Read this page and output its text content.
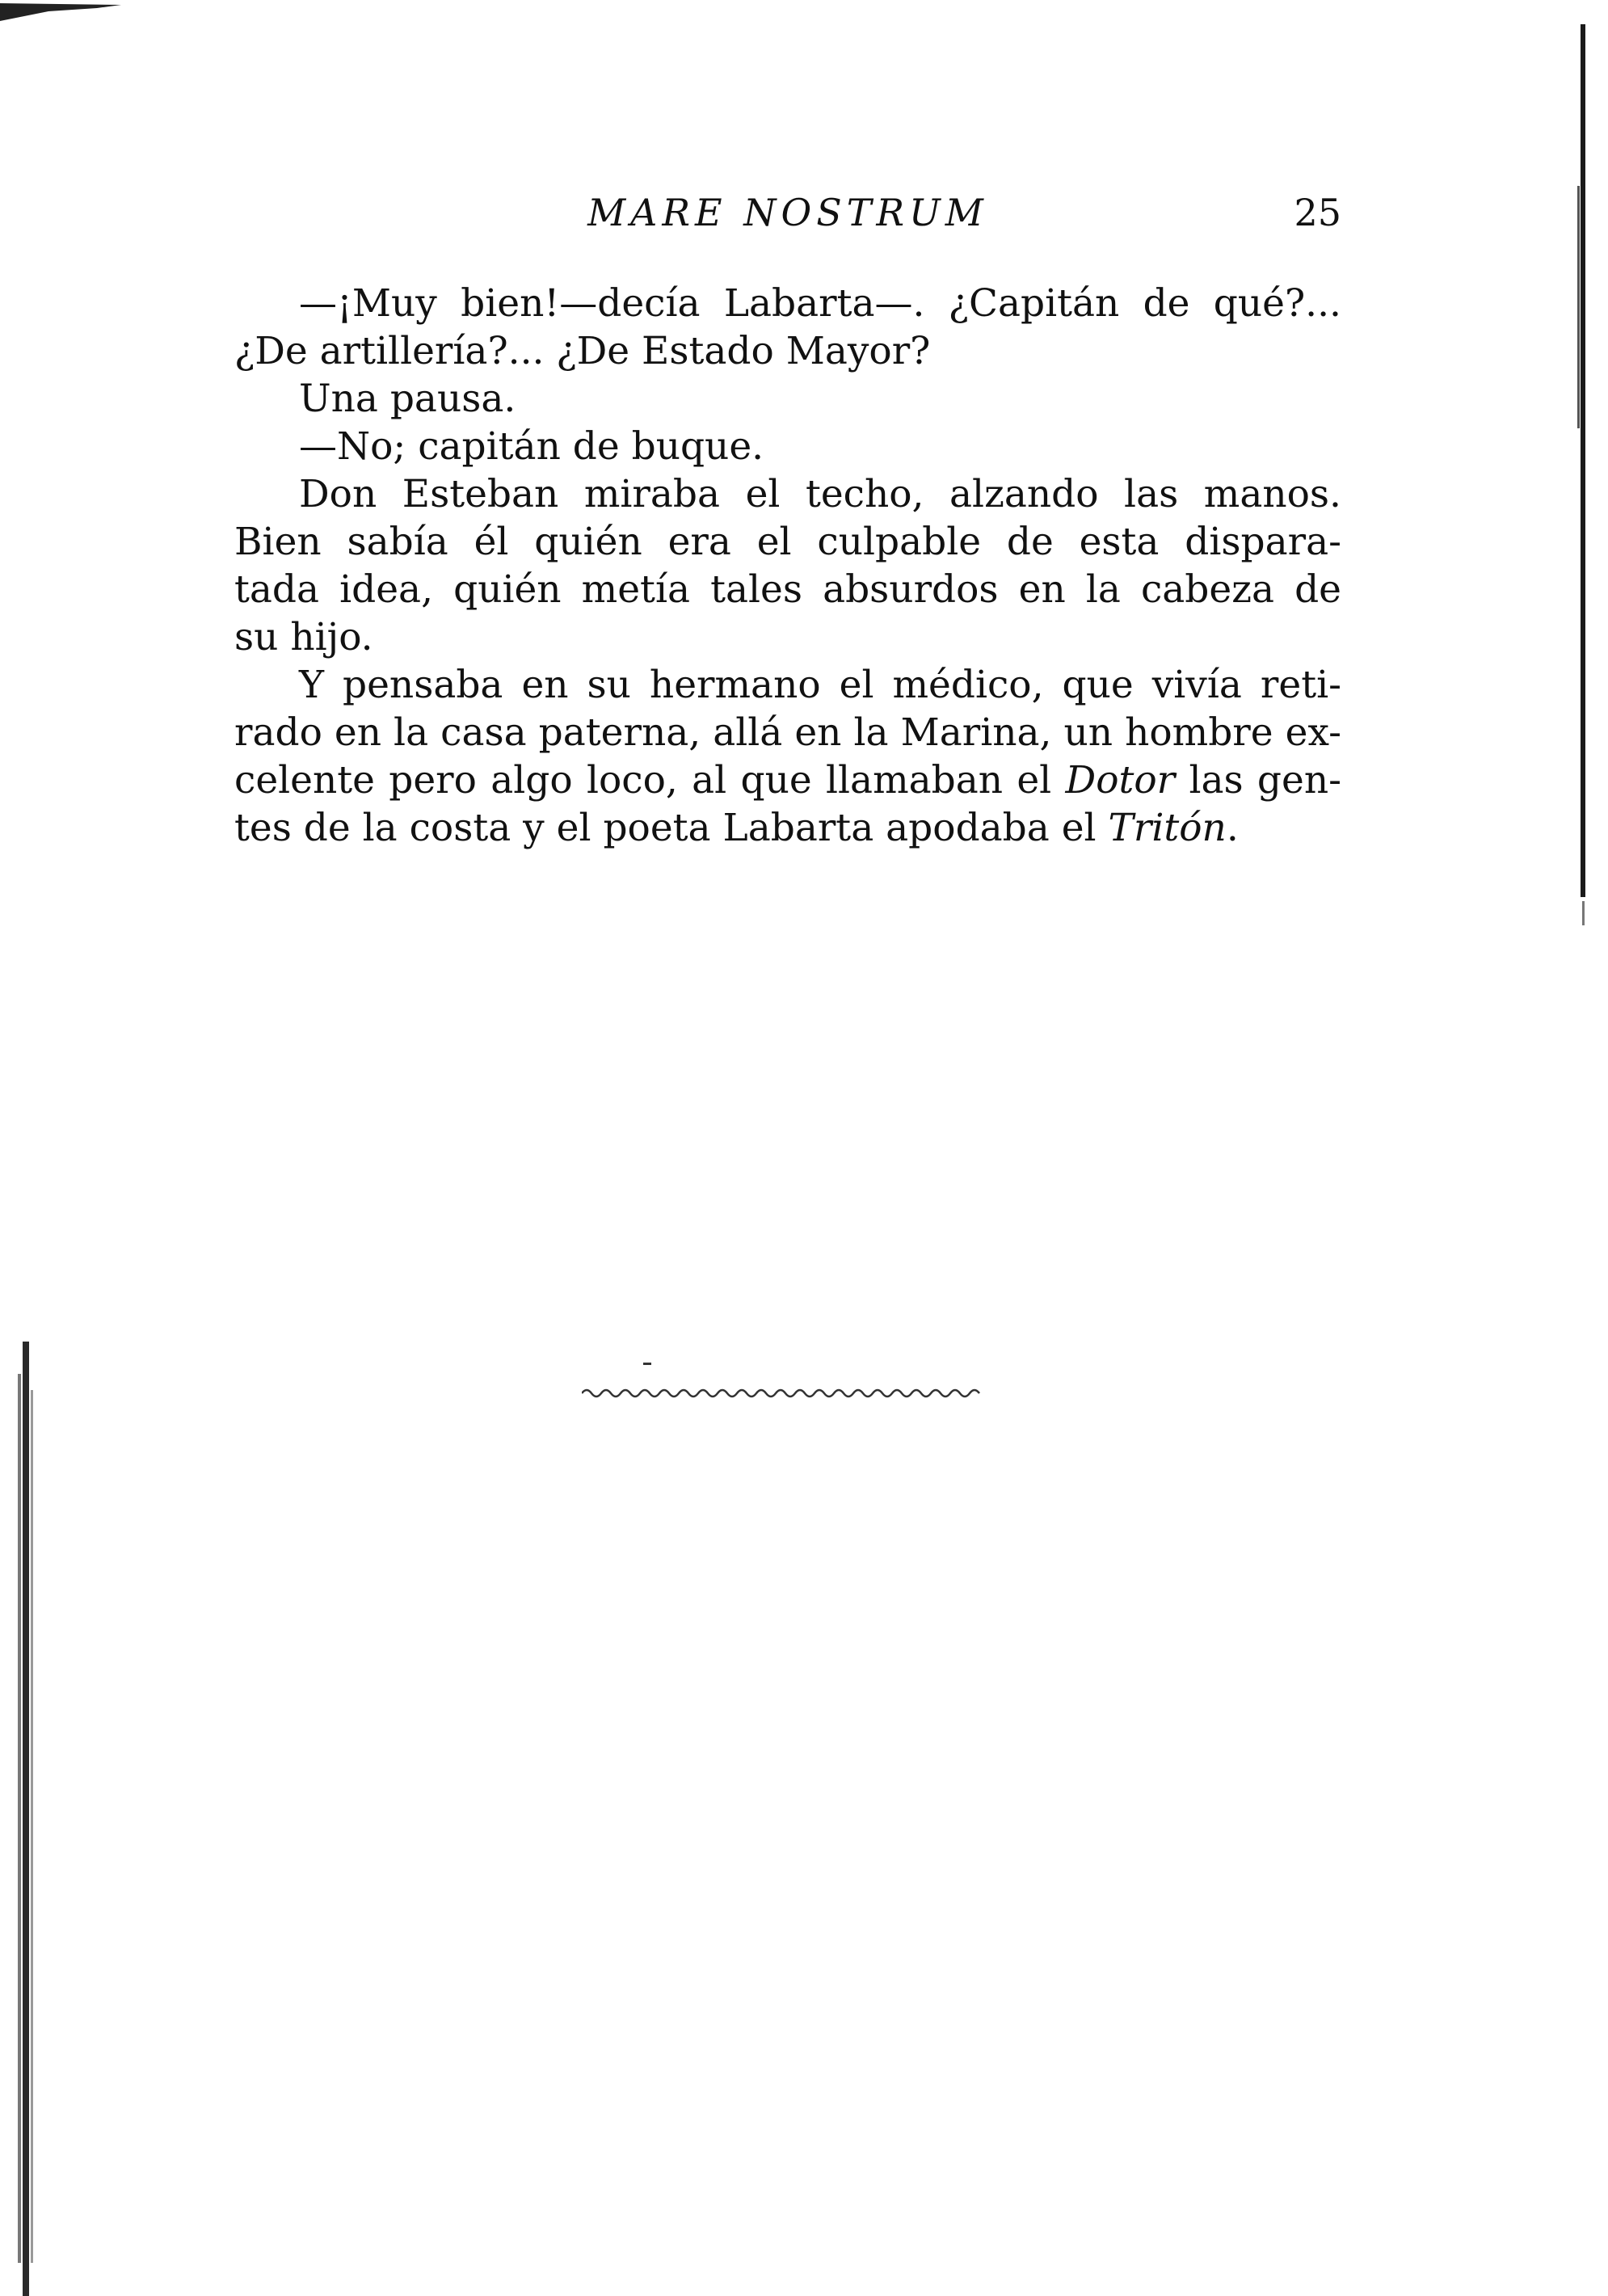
MARE NOSTRUM	25
—¡Muy bien!—decía Labarta—. ¿Capitán de qué?...
¿De artillería?... ¿De Estado Mayor?
Una pausa.
—No; capitán de buque.
Don Esteban miraba el techo, alzando las manos.
Bien sabía él quién era el culpable de esta dispara-
tada idea, quién metía tales absurdos en la cabeza de
su hijo.
Y pensaba en su hermano el médico, que vivía reti-
rado en la casa paterna, allá en la Marina, un hombre ex-
celente pero algo loco, al que llamaban el Dotor las gen-
tes de la costa y el poeta Labarta apodaba el Tritón.
